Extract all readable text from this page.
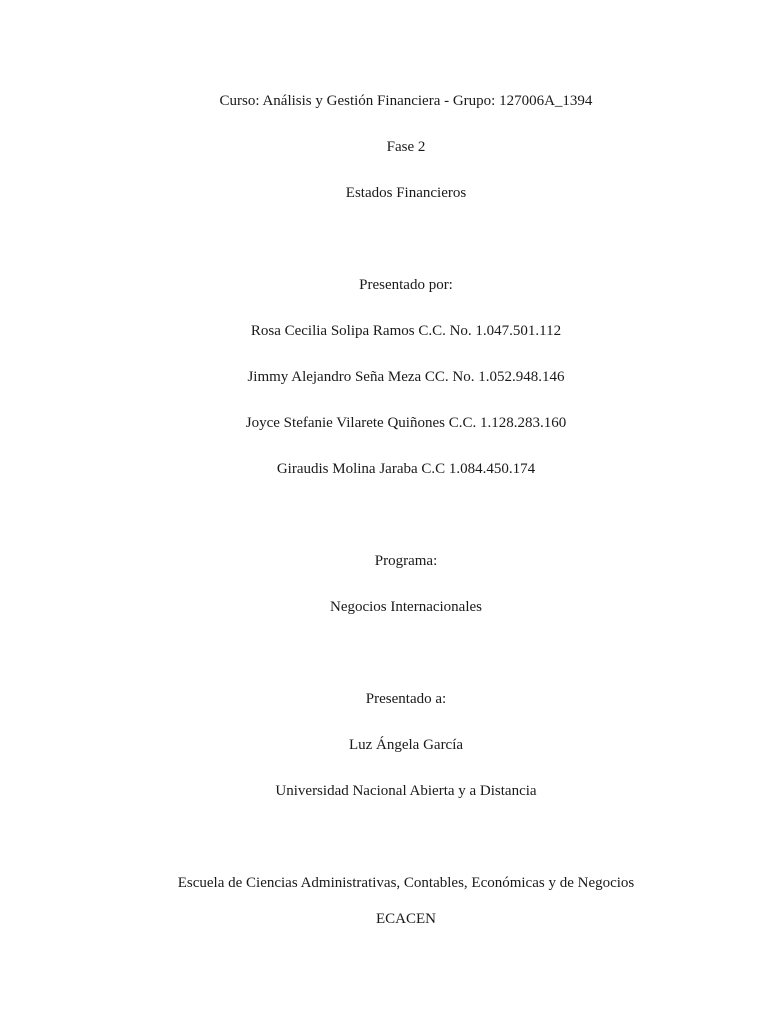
Curso: Análisis y Gestión Financiera - Grupo: 127006A_1394
Fase 2
Estados Financieros
Presentado por:
Rosa Cecilia Solipa Ramos C.C. No. 1.047.501.112
Jimmy Alejandro Seña Meza CC. No. 1.052.948.146
Joyce Stefanie Vilarete Quiñones C.C. 1.128.283.160
Giraudis Molina Jaraba C.C 1.084.450.174
Programa:
Negocios Internacionales
Presentado a:
Luz Ángela García
Universidad Nacional Abierta y a Distancia
Escuela de Ciencias Administrativas, Contables, Económicas y de Negocios
ECACEN
